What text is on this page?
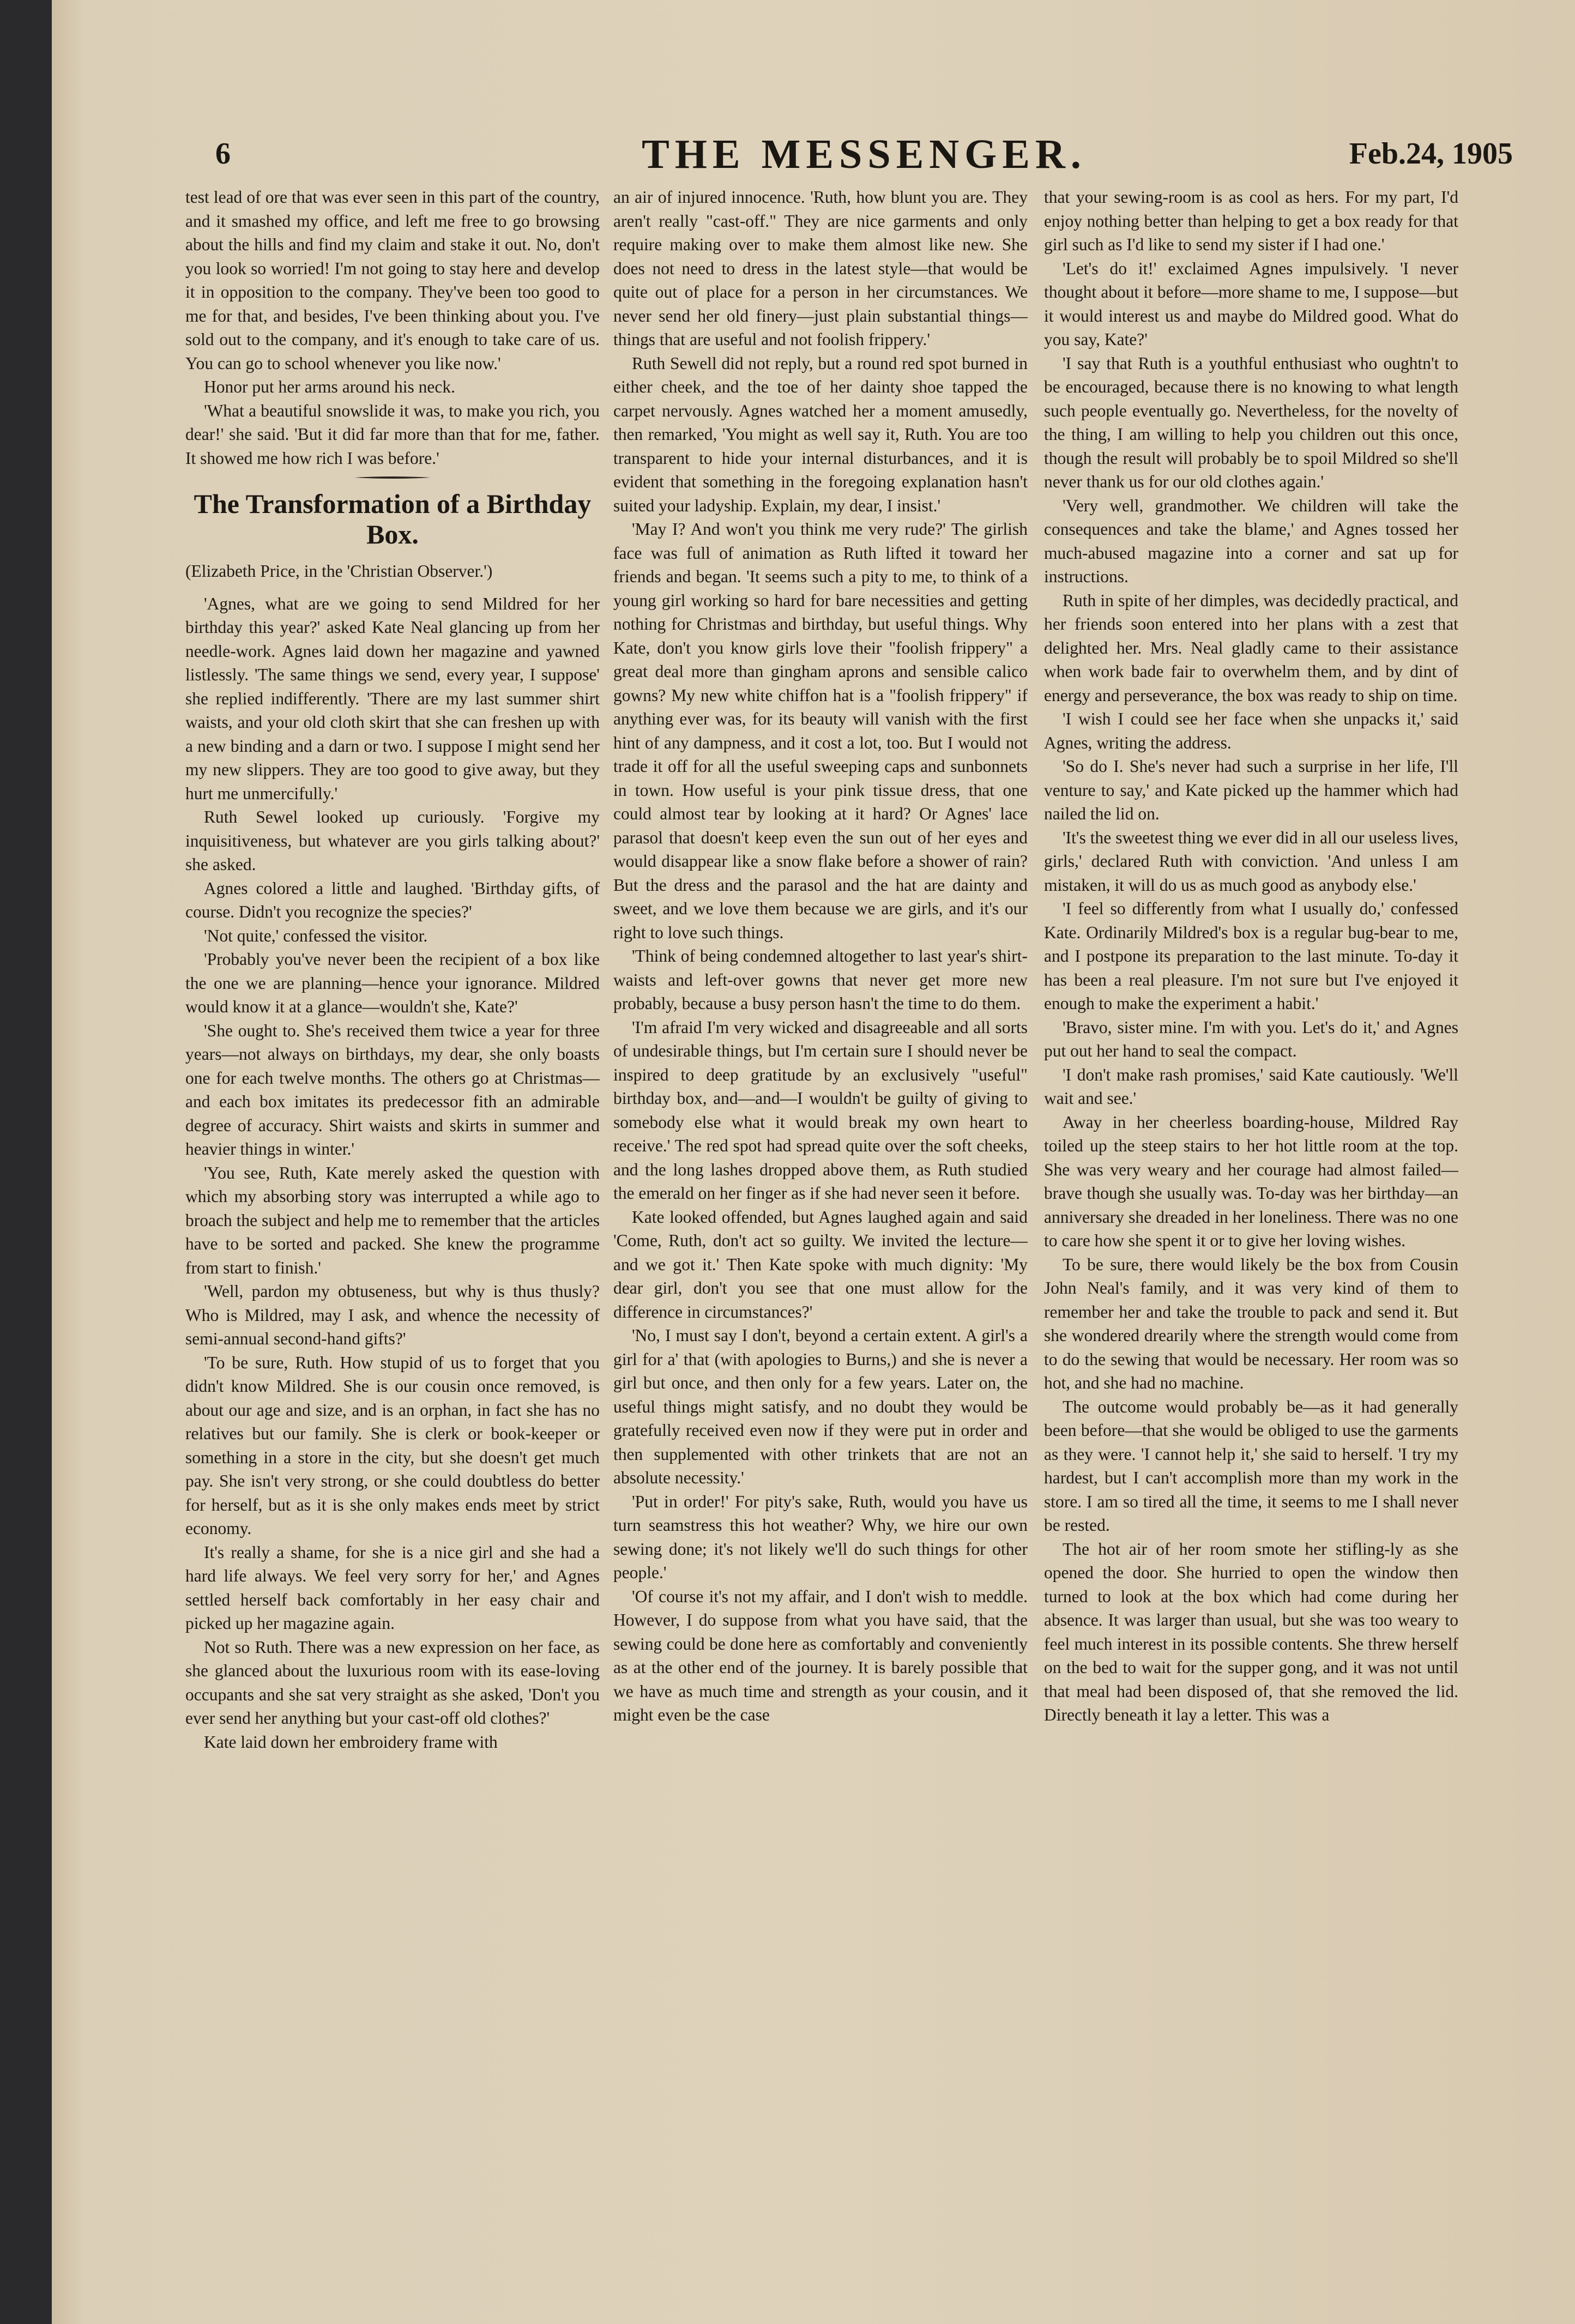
6	THE MESSENGER.	Feb.24, 1905

test lead of ore that was ever seen in this part of the country, and it smashed my office, and left me free to go browsing about the hills and find my claim and stake it out. No, don't you look so worried! I'm not going to stay here and develop it in opposition to the company. They've been too good to me for that, and besides, I've been thinking about you. I've sold out to the company, and it's enough to take care of us. You can go to school whenever you like now.'

Honor put her arms around his neck.

'What a beautiful snowslide it was, to make you rich, you dear!' she said. 'But it did far more than that for me, father. It showed me how rich I was before.'

The Transformation of a Birthday Box.

(Elizabeth Price, in the 'Christian Observer.')

'Agnes, what are we going to send Mildred for her birthday this year?' asked Kate Neal glancing up from her needle-work. Agnes laid down her magazine and yawned listlessly. 'The same things we send, every year, I suppose' she replied indifferently. 'There are my last summer shirt waists, and your old cloth skirt that she can freshen up with a new binding and a darn or two. I suppose I might send her my new slippers. They are too good to give away, but they hurt me unmercifully.'

Ruth Sewel looked up curiously. 'Forgive my inquisitiveness, but whatever are you girls talking about?' she asked.

Agnes colored a little and laughed. 'Birthday gifts, of course. Didn't you recognize the species?'

'Not quite,' confessed the visitor.

'Probably you've never been the recipient of a box like the one we are planning—hence your ignorance. Mildred would know it at a glance—wouldn't she, Kate?'

'She ought to. She's received them twice a year for three years—not always on birthdays, my dear, she only boasts one for each twelve months. The others go at Christmas—and each box imitates its predecessor fith an admirable degree of accuracy. Shirt waists and skirts in summer and heavier things in winter.'

'You see, Ruth, Kate merely asked the question with which my absorbing story was interrupted a while ago to broach the subject and help me to remember that the articles have to be sorted and packed. She knew the programme from start to finish.'

'Well, pardon my obtuseness, but why is thus thusly? Who is Mildred, may I ask, and whence the necessity of semi-annual second-hand gifts?'

'To be sure, Ruth. How stupid of us to forget that you didn't know Mildred. She is our cousin once removed, is about our age and size, and is an orphan, in fact she has no relatives but our family. She is clerk or book-keeper or something in a store in the city, but she doesn't get much pay. She isn't very strong, or she could doubtless do better for herself, but as it is she only makes ends meet by strict economy.

It's really a shame, for she is a nice girl and she had a hard life always. We feel very sorry for her,' and Agnes settled herself back comfortably in her easy chair and picked up her magazine again.

Not so Ruth. There was a new expression on her face, as she glanced about the luxurious room with its ease-loving occupants and she sat very straight as she asked, 'Don't you ever send her anything but your cast-off old clothes?'

Kate laid down her embroidery frame with

an air of injured innocence. 'Ruth, how blunt you are. They aren't really "cast-off." They are nice garments and only require making over to make them almost like new. She does not need to dress in the latest style—that would be quite out of place for a person in her circumstances. We never send her old finery—just plain substantial things—things that are useful and not foolish frippery.'

Ruth Sewell did not reply, but a round red spot burned in either cheek, and the toe of her dainty shoe tapped the carpet nervously. Agnes watched her a moment amusedly, then remarked, 'You might as well say it, Ruth. You are too transparent to hide your internal disturbances, and it is evident that something in the foregoing explanation hasn't suited your ladyship. Explain, my dear, I insist.'

'May I? And won't you think me very rude?' The girlish face was full of animation as Ruth lifted it toward her friends and began. 'It seems such a pity to me, to think of a young girl working so hard for bare necessities and getting nothing for Christmas and birthday, but useful things. Why Kate, don't you know girls love their "foolish frippery" a great deal more than gingham aprons and sensible calico gowns? My new white chiffon hat is a "foolish frippery" if anything ever was, for its beauty will vanish with the first hint of any dampness, and it cost a lot, too. But I would not trade it off for all the useful sweeping caps and sunbonnets in town. How useful is your pink tissue dress, that one could almost tear by looking at it hard? Or Agnes' lace parasol that doesn't keep even the sun out of her eyes and would disappear like a snow flake before a shower of rain? But the dress and the parasol and the hat are dainty and sweet, and we love them because we are girls, and it's our right to love such things.

'Think of being condemned altogether to last year's shirt-waists and left-over gowns that never get more new probably, because a busy person hasn't the time to do them.

'I'm afraid I'm very wicked and disagreeable and all sorts of undesirable things, but I'm certain sure I should never be inspired to deep gratitude by an exclusively "useful" birthday box, and—and—I wouldn't be guilty of giving to somebody else what it would break my own heart to receive.' The red spot had spread quite over the soft cheeks, and the long lashes dropped above them, as Ruth studied the emerald on her finger as if she had never seen it before.

Kate looked offended, but Agnes laughed again and said 'Come, Ruth, don't act so guilty. We invited the lecture—and we got it.' Then Kate spoke with much dignity: 'My dear girl, don't you see that one must allow for the difference in circumstances?'

'No, I must say I don't, beyond a certain extent. A girl's a girl for a' that (with apologies to Burns,) and she is never a girl but once, and then only for a few years. Later on, the useful things might satisfy, and no doubt they would be gratefully received even now if they were put in order and then supplemented with other trinkets that are not an absolute necessity.'

'Put in order!' For pity's sake, Ruth, would you have us turn seamstress this hot weather? Why, we hire our own sewing done; it's not likely we'll do such things for other people.'

'Of course it's not my affair, and I don't wish to meddle. However, I do suppose from what you have said, that the sewing could be done here as comfortably and conveniently as at the other end of the journey. It is barely possible that we have as much time and strength as your cousin, and it might even be the case

that your sewing-room is as cool as hers. For my part, I'd enjoy nothing better than helping to get a box ready for that girl such as I'd like to send my sister if I had one.'

'Let's do it!' exclaimed Agnes impulsively. 'I never thought about it before—more shame to me, I suppose—but it would interest us and maybe do Mildred good. What do you say, Kate?'

'I say that Ruth is a youthful enthusiast who oughtn't to be encouraged, because there is no knowing to what length such people eventually go. Nevertheless, for the novelty of the thing, I am willing to help you children out this once, though the result will probably be to spoil Mildred so she'll never thank us for our old clothes again.'

'Very well, grandmother. We children will take the consequences and take the blame,' and Agnes tossed her much-abused magazine into a corner and sat up for instructions.

Ruth in spite of her dimples, was decidedly practical, and her friends soon entered into her plans with a zest that delighted her. Mrs. Neal gladly came to their assistance when work bade fair to overwhelm them, and by dint of energy and perseverance, the box was ready to ship on time.

'I wish I could see her face when she unpacks it,' said Agnes, writing the address.

'So do I. She's never had such a surprise in her life, I'll venture to say,' and Kate picked up the hammer which had nailed the lid on.

'It's the sweetest thing we ever did in all our useless lives, girls,' declared Ruth with conviction. 'And unless I am mistaken, it will do us as much good as anybody else.'

'I feel so differently from what I usually do,' confessed Kate. Ordinarily Mildred's box is a regular bug-bear to me, and I postpone its preparation to the last minute. To-day it has been a real pleasure. I'm not sure but I've enjoyed it enough to make the experiment a habit.'

'Bravo, sister mine. I'm with you. Let's do it,' and Agnes put out her hand to seal the compact.

'I don't make rash promises,' said Kate cautiously. 'We'll wait and see.'

Away in her cheerless boarding-house, Mildred Ray toiled up the steep stairs to her hot little room at the top. She was very weary and her courage had almost failed—brave though she usually was. To-day was her birthday—an anniversary she dreaded in her loneliness. There was no one to care how she spent it or to give her loving wishes.

To be sure, there would likely be the box from Cousin John Neal's family, and it was very kind of them to remember her and take the trouble to pack and send it. But she wondered drearily where the strength would come from to do the sewing that would be necessary. Her room was so hot, and she had no machine.

The outcome would probably be—as it had generally been before—that she would be obliged to use the garments as they were. 'I cannot help it,' she said to herself. 'I try my hardest, but I can't accomplish more than my work in the store. I am so tired all the time, it seems to me I shall never be rested.

The hot air of her room smote her stifling-ly as she opened the door. She hurried to open the window then turned to look at the box which had come during her absence. It was larger than usual, but she was too weary to feel much interest in its possible contents. She threw herself on the bed to wait for the supper gong, and it was not until that meal had been disposed of, that she removed the lid. Directly beneath it lay a letter. This was a
